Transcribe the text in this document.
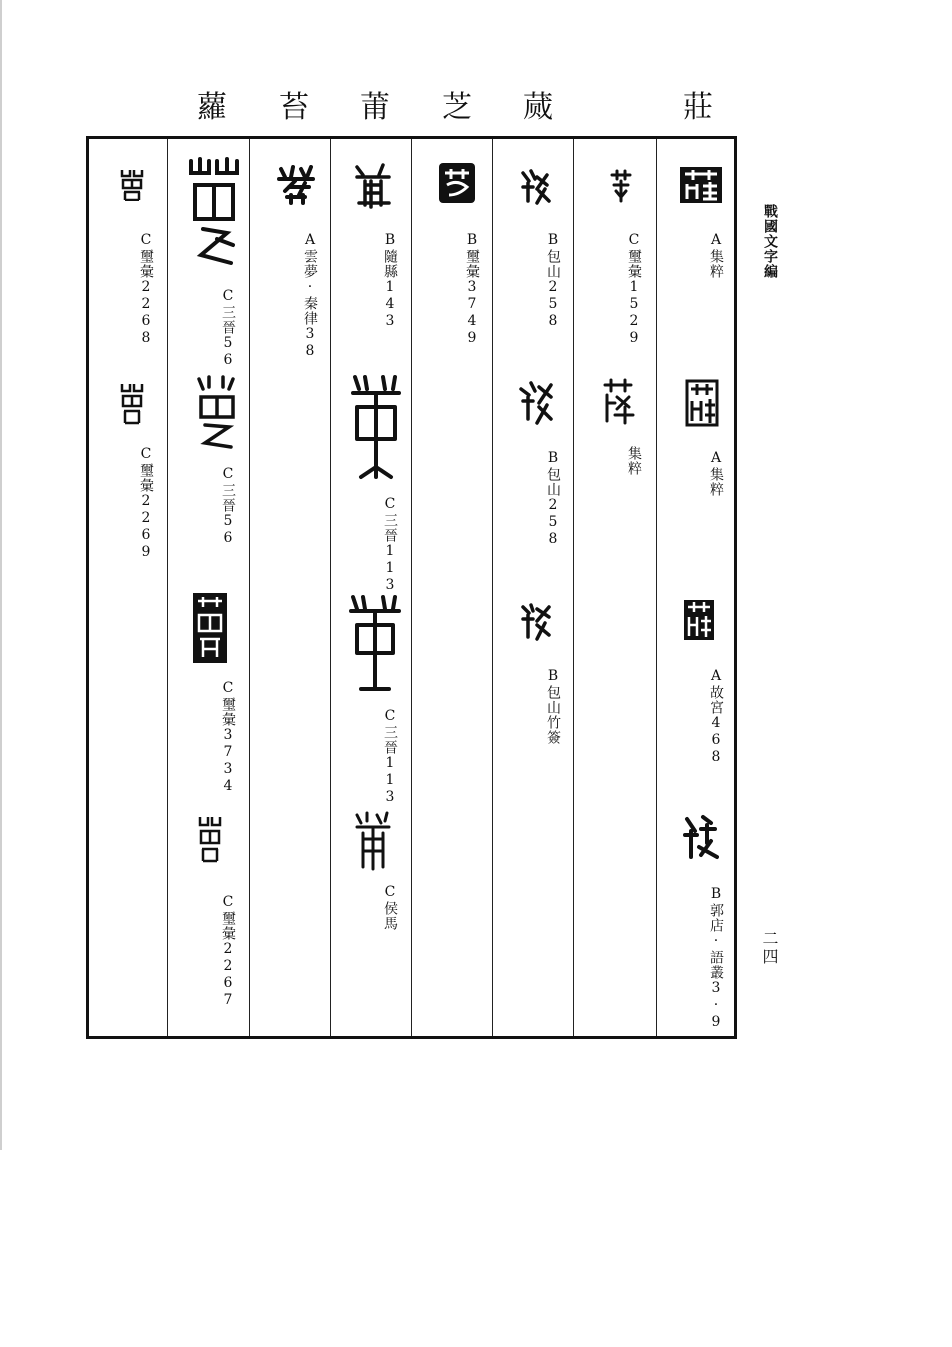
莊
蒇
芝
莆
苔
蘿
A集粹
A集粹
A故宮468
B郭店·語叢3·9
C璽彙1529
集粹
B包山258
B包山258
B包山竹簽
B璽彙3749
B隨縣143
C三晉113
C三晉113
C侯馬
A雲夢·秦律38
C三晉56
C三晉56
C璽彙3734
C璽彙2267
C璽彙2268
C璽彙2269
戰國文字編
二四
